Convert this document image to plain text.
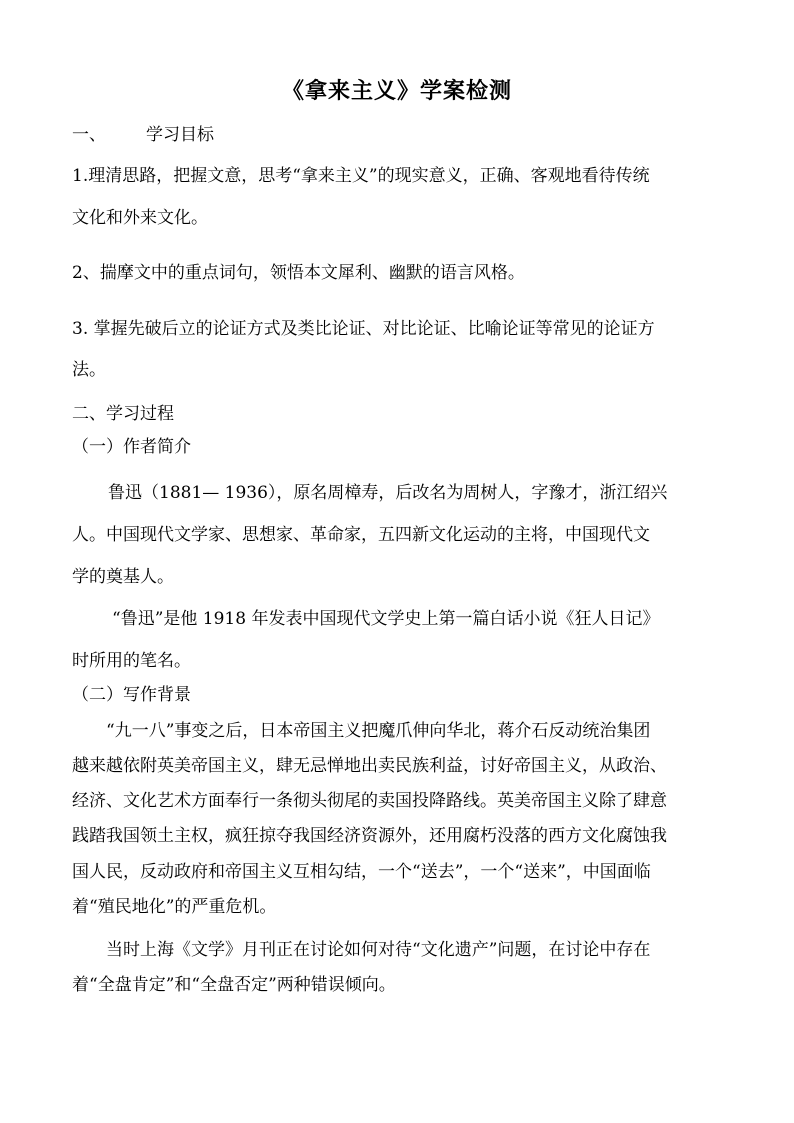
《拿来主义》学案检测
一、 学习目标
1.理清思路，把握文意，思考“拿来主义”的现实意义，正确、客观地看待传统
文化和外来文化。
2、揣摩文中的重点词句，领悟本文犀利、幽默的语言风格。
3. 掌握先破后立的论证方式及类比论证、对比论证、比喻论证等常见的论证方
法。
二、学习过程
（一）作者简介
鲁迅（1881— 1936），原名周樟寿，后改名为周树人，字豫才，浙江绍兴
人。中国现代文学家、思想家、革命家，五四新文化运动的主将，中国现代文
学的奠基人。
“鲁迅”是他 1918 年发表中国现代文学史上第一篇白话小说《狂人日记》
时所用的笔名。
（二）写作背景
“九一八”事变之后，日本帝国主义把魔爪伸向华北，蒋介石反动统治集团
越来越依附英美帝国主义，肆无忌惮地出卖民族利益，讨好帝国主义，从政治、
经济、文化艺术方面奉行一条彻头彻尾的卖国投降路线。英美帝国主义除了肆意
践踏我国领土主权，疯狂掠夺我国经济资源外，还用腐朽没落的西方文化腐蚀我
国人民，反动政府和帝国主义互相勾结，一个“送去”，一个“送来”，中国面临
着“殖民地化”的严重危机。
当时上海《文学》月刊正在讨论如何对待“文化遗产”问题，在讨论中存在
着“全盘肯定”和“全盘否定”两种错误倾向。
